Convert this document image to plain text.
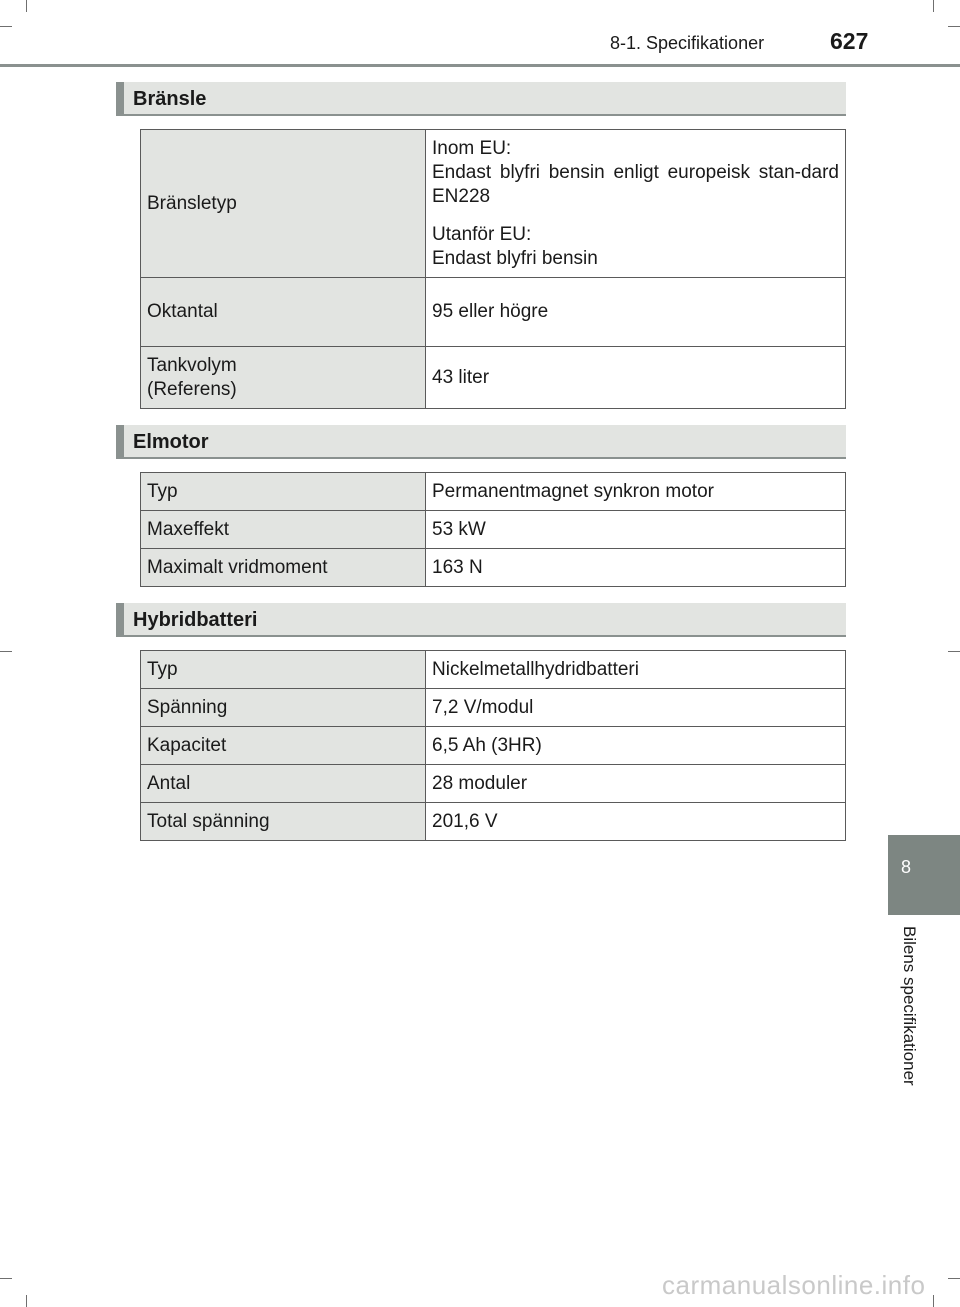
8-1. Specifikationer	627
Bränsle
Bränsletyp	Inom EU:
Endast blyfri bensin enligt europeisk stan-dard EN228
Utanför EU:
Endast blyfri bensin

Oktantal	95 eller högre

Tankvolym
(Referens)	43 liter
Elmotor
Typ	Permanentmagnet synkron motor
Maxeffekt	53 kW
Maximalt vridmoment	163 N
Hybridbatteri
Typ	Nickelmetallhydridbatteri
Spänning	7,2 V/modul
Kapacitet	6,5 Ah (3HR)
Antal	28 moduler
Total spänning	201,6 V
8
Bilens specifikationer
carmanualsonline.info
